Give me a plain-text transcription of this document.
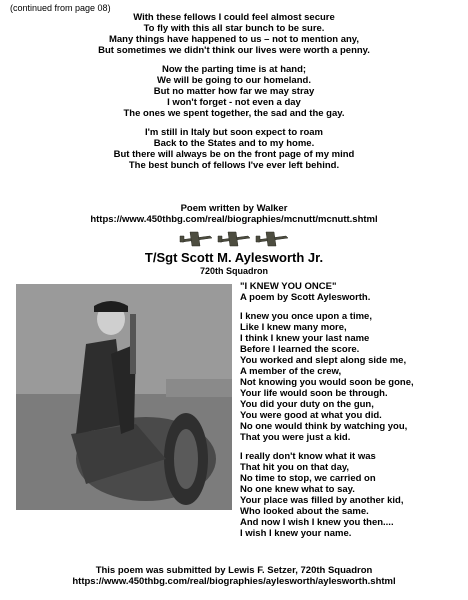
(continued from page 08)
With these fellows I could feel almost secure
To fly with this all star bunch to be sure.
Many things have happened to us – not to mention any,
But sometimes we didn't think our lives were worth a penny.
Now the parting time is at hand;
We will be going to our homeland.
But no matter how far we may stray
I won't forget - not even a day
The ones we spent together, the sad and the gay.
I'm still in Italy but soon expect to roam
Back to the States and to my home.
But there will always be on the front page of my mind
The best bunch of fellows I've ever left behind.
Poem written by Walker
https://www.450thbg.com/real/biographies/mcnutt/mcnutt.shtml
T/Sgt Scott M. Aylesworth Jr.
720th Squadron
"I KNEW YOU ONCE"
A poem by Scott Aylesworth.
I knew you once upon a time,
Like I knew many more,
I think I knew your last name
Before I learned the score.
You worked and slept along side me,
A member of the crew,
Not knowing you would soon be gone,
Your life would soon be through.
You did your duty on the gun,
You were good at what you did.
No one would think by watching you,
That you were just a kid.
I really don't know what it was
That hit you on that day,
No time to stop, we carried on
No one knew what to say.
Your place was filled by another kid,
Who looked about the same.
And now I wish I knew you then....
I wish I knew your name.
This poem was submitted by Lewis F. Setzer, 720th Squadron
https://www.450thbg.com/real/biographies/aylesworth/aylesworth.shtml
